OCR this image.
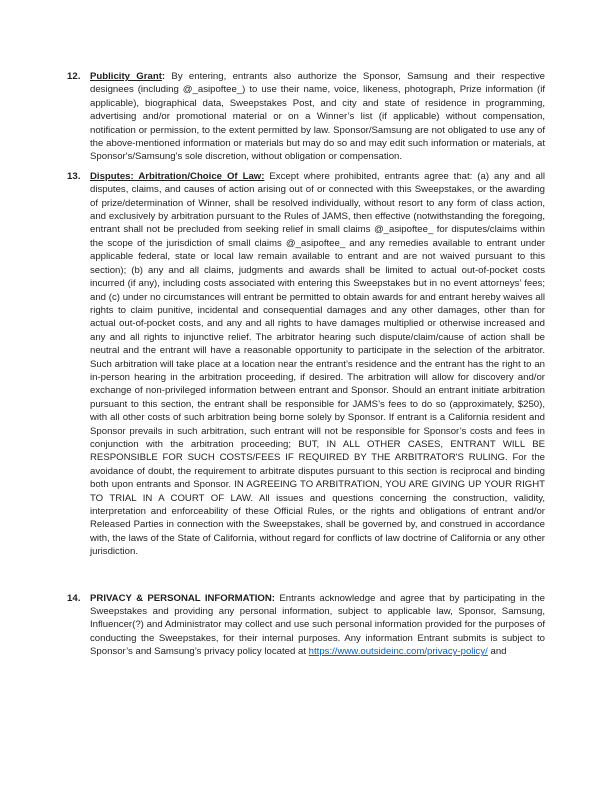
12. Publicity Grant: By entering, entrants also authorize the Sponsor, Samsung and their respective designees (including @_asipoftee_) to use their name, voice, likeness, photograph, Prize information (if applicable), biographical data, Sweepstakes Post, and city and state of residence in programming, advertising and/or promotional material or on a Winner’s list (if applicable) without compensation, notification or permission, to the extent permitted by law. Sponsor/Samsung are not obligated to use any of the above-mentioned information or materials but may do so and may edit such information or materials, at Sponsor's/Samsung’s sole discretion, without obligation or compensation.

13. Disputes: Arbitration/Choice Of Law: Except where prohibited, entrants agree that: (a) any and all disputes, claims, and causes of action arising out of or connected with this Sweepstakes, or the awarding of prize/determination of Winner, shall be resolved individually, without resort to any form of class action, and exclusively by arbitration pursuant to the Rules of JAMS, then effective (notwithstanding the foregoing, entrant shall not be precluded from seeking relief in small claims @_asipoftee_ for disputes/claims within the scope of the jurisdiction of small claims @_asipoftee_ and any remedies available to entrant under applicable federal, state or local law remain available to entrant and are not waived pursuant to this section); (b) any and all claims, judgments and awards shall be limited to actual out-of-pocket costs incurred (if any), including costs associated with entering this Sweepstakes but in no event attorneys’ fees; and (c) under no circumstances will entrant be permitted to obtain awards for and entrant hereby waives all rights to claim punitive, incidental and consequential damages and any other damages, other than for actual out-of-pocket costs, and any and all rights to have damages multiplied or otherwise increased and any and all rights to injunctive relief. The arbitrator hearing such dispute/claim/cause of action shall be neutral and the entrant will have a reasonable opportunity to participate in the selection of the arbitrator. Such arbitration will take place at a location near the entrant’s residence and the entrant has the right to an in-person hearing in the arbitration proceeding, if desired. The arbitration will allow for discovery and/or exchange of non-privileged information between entrant and Sponsor. Should an entrant initiate arbitration pursuant to this section, the entrant shall be responsible for JAMS’s fees to do so (approximately, $250), with all other costs of such arbitration being borne solely by Sponsor. If entrant is a California resident and Sponsor prevails in such arbitration, such entrant will not be responsible for Sponsor’s costs and fees in conjunction with the arbitration proceeding; BUT, IN ALL OTHER CASES, ENTRANT WILL BE RESPONSIBLE FOR SUCH COSTS/FEES IF REQUIRED BY THE ARBITRATOR'S RULING. For the avoidance of doubt, the requirement to arbitrate disputes pursuant to this section is reciprocal and binding both upon entrants and Sponsor. IN AGREEING TO ARBITRATION, YOU ARE GIVING UP YOUR RIGHT TO TRIAL IN A COURT OF LAW. All issues and questions concerning the construction, validity, interpretation and enforceability of these Official Rules, or the rights and obligations of entrant and/or Released Parties in connection with the Sweepstakes, shall be governed by, and construed in accordance with, the laws of the State of California, without regard for conflicts of law doctrine of California or any other jurisdiction.

14. PRIVACY & PERSONAL INFORMATION: Entrants acknowledge and agree that by participating in the Sweepstakes and providing any personal information, subject to applicable law, Sponsor, Samsung, Influencer(?) and Administrator may collect and use such personal information provided for the purposes of conducting the Sweepstakes, for their internal purposes. Any information Entrant submits is subject to Sponsor’s and Samsung’s privacy policy located at https://www.outsideinc.com/privacy-policy/ and
